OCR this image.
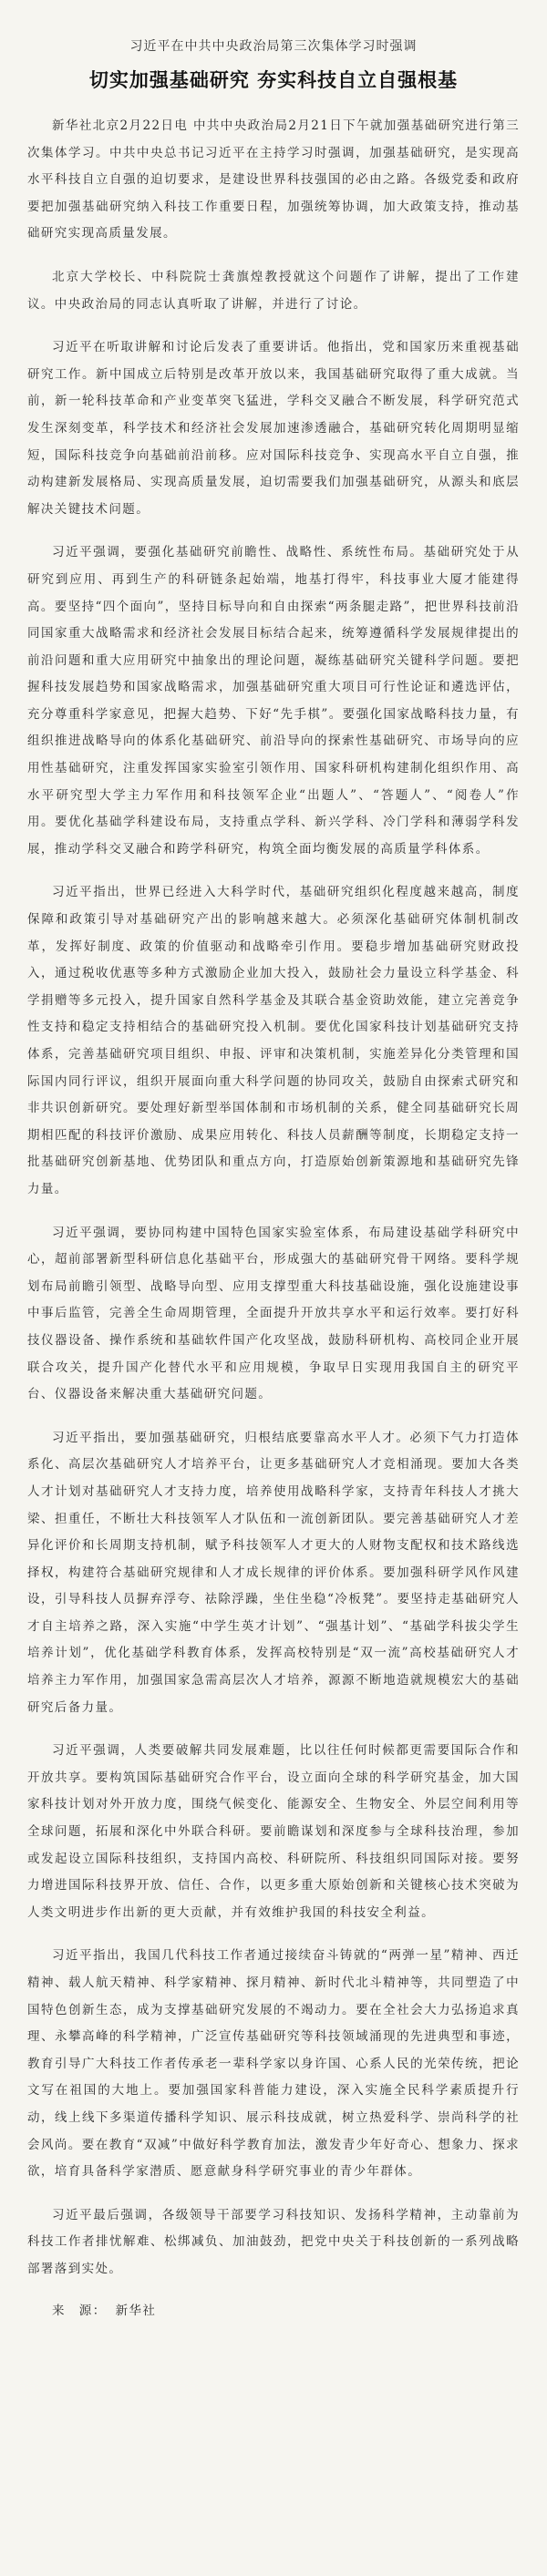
习近平在中共中央政治局第三次集体学习时强调
切实加强基础研究 夯实科技自立自强根基

新华社北京2月22日电 中共中央政治局2月21日下午就加强基础研究进行第三次集体学习。中共中央总书记习近平在主持学习时强调，加强基础研究，是实现高水平科技自立自强的迫切要求，是建设世界科技强国的必由之路。各级党委和政府要把加强基础研究纳入科技工作重要日程，加强统筹协调，加大政策支持，推动基础研究实现高质量发展。

北京大学校长、中科院院士龚旗煌教授就这个问题作了讲解，提出了工作建议。中央政治局的同志认真听取了讲解，并进行了讨论。

习近平在听取讲解和讨论后发表了重要讲话。他指出，党和国家历来重视基础研究工作。新中国成立后特别是改革开放以来，我国基础研究取得了重大成就。当前，新一轮科技革命和产业变革突飞猛进，学科交叉融合不断发展，科学研究范式发生深刻变革，科学技术和经济社会发展加速渗透融合，基础研究转化周期明显缩短，国际科技竞争向基础前沿前移。应对国际科技竞争、实现高水平自立自强，推动构建新发展格局、实现高质量发展，迫切需要我们加强基础研究，从源头和底层解决关键技术问题。

习近平强调，要强化基础研究前瞻性、战略性、系统性布局。基础研究处于从研究到应用、再到生产的科研链条起始端，地基打得牢，科技事业大厦才能建得高。要坚持“四个面向”，坚持目标导向和自由探索“两条腿走路”，把世界科技前沿同国家重大战略需求和经济社会发展目标结合起来，统筹遵循科学发展规律提出的前沿问题和重大应用研究中抽象出的理论问题，凝练基础研究关键科学问题。要把握科技发展趋势和国家战略需求，加强基础研究重大项目可行性论证和遴选评估，充分尊重科学家意见，把握大趋势、下好“先手棋”。要强化国家战略科技力量，有组织推进战略导向的体系化基础研究、前沿导向的探索性基础研究、市场导向的应用性基础研究，注重发挥国家实验室引领作用、国家科研机构建制化组织作用、高水平研究型大学主力军作用和科技领军企业“出题人”、“答题人”、“阅卷人”作用。要优化基础学科建设布局，支持重点学科、新兴学科、冷门学科和薄弱学科发展，推动学科交叉融合和跨学科研究，构筑全面均衡发展的高质量学科体系。

习近平指出，世界已经进入大科学时代，基础研究组织化程度越来越高，制度保障和政策引导对基础研究产出的影响越来越大。必须深化基础研究体制机制改革，发挥好制度、政策的价值驱动和战略牵引作用。要稳步增加基础研究财政投入，通过税收优惠等多种方式激励企业加大投入，鼓励社会力量设立科学基金、科学捐赠等多元投入，提升国家自然科学基金及其联合基金资助效能，建立完善竞争性支持和稳定支持相结合的基础研究投入机制。要优化国家科技计划基础研究支持体系，完善基础研究项目组织、申报、评审和决策机制，实施差异化分类管理和国际国内同行评议，组织开展面向重大科学问题的协同攻关，鼓励自由探索式研究和非共识创新研究。要处理好新型举国体制和市场机制的关系，健全同基础研究长周期相匹配的科技评价激励、成果应用转化、科技人员薪酬等制度，长期稳定支持一批基础研究创新基地、优势团队和重点方向，打造原始创新策源地和基础研究先锋力量。

习近平强调，要协同构建中国特色国家实验室体系，布局建设基础学科研究中心，超前部署新型科研信息化基础平台，形成强大的基础研究骨干网络。要科学规划布局前瞻引领型、战略导向型、应用支撑型重大科技基础设施，强化设施建设事中事后监管，完善全生命周期管理，全面提升开放共享水平和运行效率。要打好科技仪器设备、操作系统和基础软件国产化攻坚战，鼓励科研机构、高校同企业开展联合攻关，提升国产化替代水平和应用规模，争取早日实现用我国自主的研究平台、仪器设备来解决重大基础研究问题。

习近平指出，要加强基础研究，归根结底要靠高水平人才。必须下气力打造体系化、高层次基础研究人才培养平台，让更多基础研究人才竞相涌现。要加大各类人才计划对基础研究人才支持力度，培养使用战略科学家，支持青年科技人才挑大梁、担重任，不断壮大科技领军人才队伍和一流创新团队。要完善基础研究人才差异化评价和长周期支持机制，赋予科技领军人才更大的人财物支配权和技术路线选择权，构建符合基础研究规律和人才成长规律的评价体系。要加强科研学风作风建设，引导科技人员摒弃浮夸、祛除浮躁，坐住坐稳“冷板凳”。要坚持走基础研究人才自主培养之路，深入实施“中学生英才计划”、“强基计划”、“基础学科拔尖学生培养计划”，优化基础学科教育体系，发挥高校特别是“双一流”高校基础研究人才培养主力军作用，加强国家急需高层次人才培养，源源不断地造就规模宏大的基础研究后备力量。

习近平强调，人类要破解共同发展难题，比以往任何时候都更需要国际合作和开放共享。要构筑国际基础研究合作平台，设立面向全球的科学研究基金，加大国家科技计划对外开放力度，围绕气候变化、能源安全、生物安全、外层空间利用等全球问题，拓展和深化中外联合科研。要前瞻谋划和深度参与全球科技治理，参加或发起设立国际科技组织，支持国内高校、科研院所、科技组织同国际对接。要努力增进国际科技界开放、信任、合作，以更多重大原始创新和关键核心技术突破为人类文明进步作出新的更大贡献，并有效维护我国的科技安全利益。

习近平指出，我国几代科技工作者通过接续奋斗铸就的“两弹一星”精神、西迁精神、载人航天精神、科学家精神、探月精神、新时代北斗精神等，共同塑造了中国特色创新生态，成为支撑基础研究发展的不竭动力。要在全社会大力弘扬追求真理、永攀高峰的科学精神，广泛宣传基础研究等科技领域涌现的先进典型和事迹，教育引导广大科技工作者传承老一辈科学家以身许国、心系人民的光荣传统，把论文写在祖国的大地上。要加强国家科普能力建设，深入实施全民科学素质提升行动，线上线下多渠道传播科学知识、展示科技成就，树立热爱科学、崇尚科学的社会风尚。要在教育“双减”中做好科学教育加法，激发青少年好奇心、想象力、探求欲，培育具备科学家潜质、愿意献身科学研究事业的青少年群体。

习近平最后强调，各级领导干部要学习科技知识、发扬科学精神，主动靠前为科技工作者排忧解难、松绑减负、加油鼓劲，把党中央关于科技创新的一系列战略部署落到实处。

来　源： 新华社
